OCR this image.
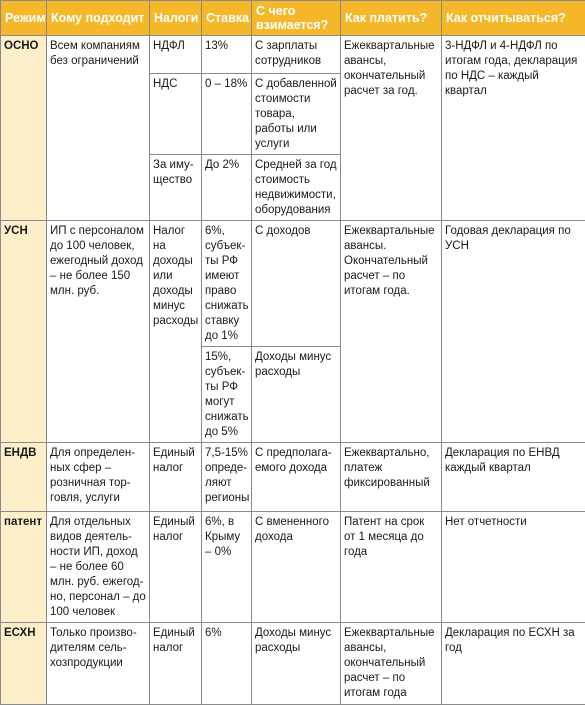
Режим	Кому подходит	Налоги	Ставка	С чего взимается?	Как платить?	Как отчитываться?
ОСНО	Всем компаниям без ограничений	НДФЛ	13%	С зарплаты сотрудников	Ежеквартальные авансы, окончательный расчет за год.	3-НДФЛ и 4-НДФЛ по итогам года, декларация по НДС – каждый квартал
		НДС	0 – 18%	С добавленной стоимости товара, работы или услуги		
		За иму-щество	До 2%	Средней за год стоимость недвижимости, оборудования		
УСН	ИП с персоналом до 100 человек, ежегодный доход – не более 150 млн. руб.	Налог на доходы или доходы минус расходы	6%, субъек-ты РФ имеют право снижать ставку до 1%	С доходов	Ежеквартальные авансы. Окончательный расчет – по итогам года.	Годовая декларация по УСН
			15%, субъек-ты РФ могут снижать до 5%	Доходы минус расходы		
ЕНДВ	Для определен-ных сфер – розничная тор-говля, услуги	Единый налог	7,5-15% опреде-ляют регионы	С предполага-емого дохода	Ежеквартально, платеж фиксированный	Декларация по ЕНВД каждый квартал
патент	Для отдельных видов деятель-ности ИП, доход – не более 60 млн. руб. ежегод-но, персонал – до 100 человек	Единый налог	6%, в Крыму – 0%	С вмененного дохода	Патент на срок от 1 месяца до года	Нет отчетности
ЕСХН	Только произво-дителям сель-хозпродукции	Единый налог	6%	Доходы минус расходы	Ежеквартальные авансы, окончательный расчет – по итогам года	Декларация по ЕСХН за год
